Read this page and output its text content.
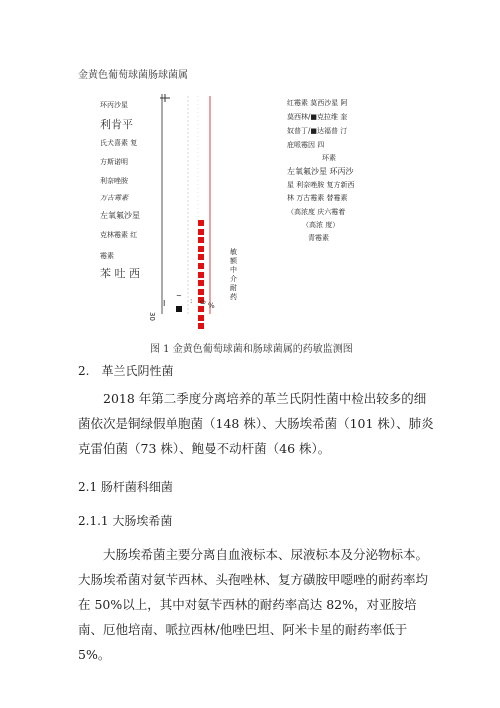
金黄色葡萄球菌肠球菌属
30
I
~
:
环丙沙星
利肯平
氏犬喜素 复
方斯诺明
利奈唑胺
万古霉素
左氧氟沙星
克林霉素 红
霉素
苯 吐 西
0 %
敏 额 中 介 耐 药
红霉素 莫西沙星 阿
莫西林/■克拉维 奎
奴普丁/■达福普 汀
庇哌霉因 四
环素
左氧氟沙星 环丙沙
星 利奈唑胺 复方新西
林 万古霉素 替霉素
（高浓度 庆六霉着
（高浓 度）
青霉素
图 1 金黄色葡萄球菌和肠球菌属的药敏监测图
2.　革兰氏阴性菌
2018 年第二季度分离培养的革兰氏阴性菌中检出较多的细菌依次是铜绿假单胞菌（148 株）、大肠埃希菌（101 株）、肺炎克雷伯菌（73 株）、鲍曼不动杆菌（46 株）。
2.1 肠杆菌科细菌
2.1.1 大肠埃希菌
大肠埃希菌主要分离自血液标本、尿液标本及分泌物标本。大肠埃希菌对氨苄西林、头孢唑林、复方磺胺甲噁唑的耐药率均在 50%以上，其中对氨苄西林的耐药率高达 82%，对亚胺培南、厄他培南、哌拉西林/他唑巴坦、阿米卡星的耐药率低于 5%。
